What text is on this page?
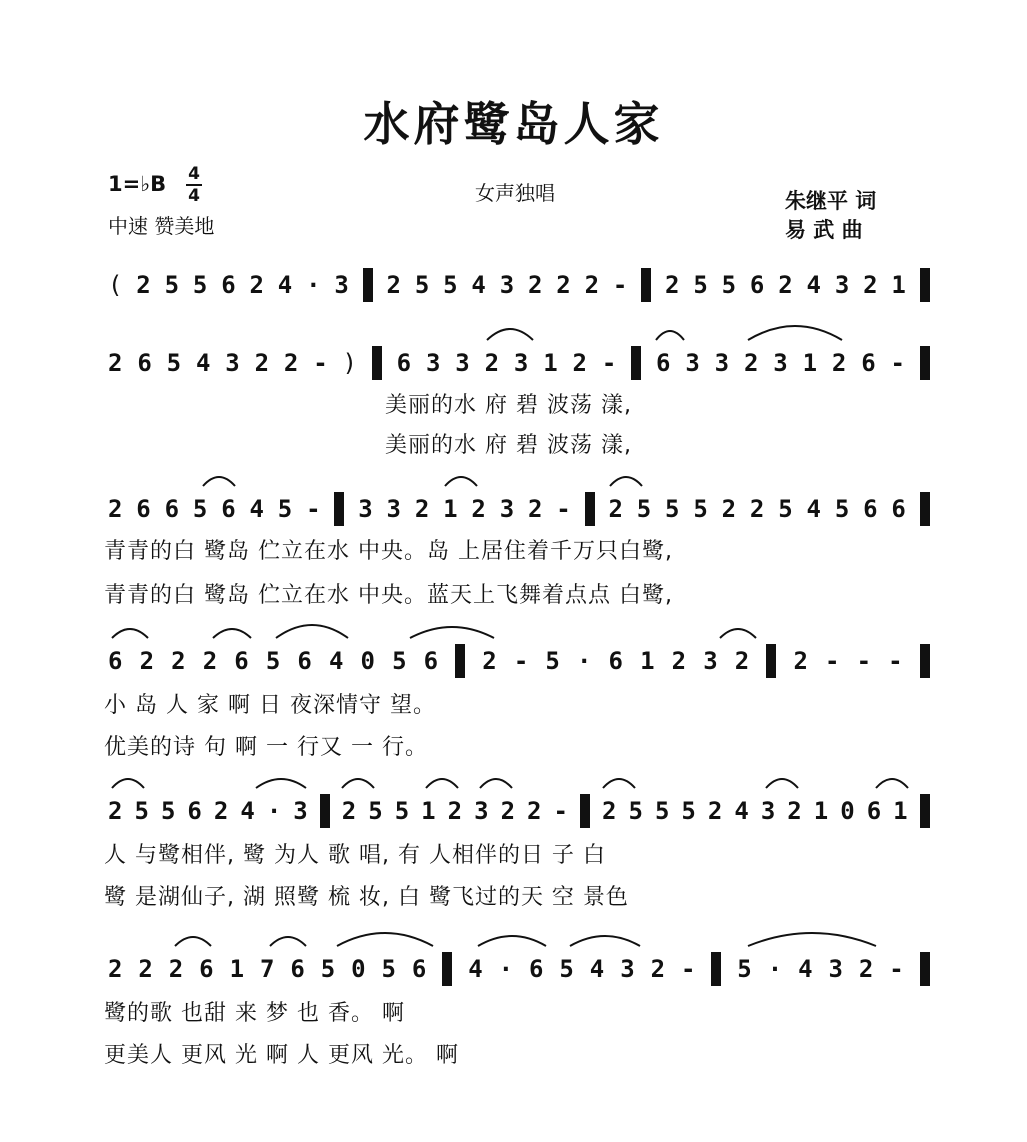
水府鹭岛人家
1=♭B 4
4
中速 赞美地
女声独唱	朱继平 词
易 武 曲
( 2 5 5 6 2 4 · 3 2 5 5 4 3 2 2 2 - 2 5 5 6 2 4 3 2 1
2 6 5 4 3 2 2 - ) 6 3 3 2 3 1 2 - 6 3 3 2 3 1 2 6 -
美丽的水 府 碧 波荡 漾,
美丽的水 府 碧 波荡 漾,
2 6 6 5 6 4 5 - 3 3 2 1 2 3 2 - 2 5 5 5 2 2 5 4 5 6 6
青青的白 鹭岛 伫立在水 中央。岛 上居住着千万只白鹭,
青青的白 鹭岛 伫立在水 中央。蓝天上飞舞着点点 白鹭,
6 2 2 2 6 5 6 4 0 5 6 2 - 5 · 6 1 2 3 2 2 - - -
小 岛 人 家 啊 日 夜深情守 望。
优美的诗 句 啊 一 行又 一 行。
2 5 5 6 2 4 · 3 2 5 5 1 2 3 2 2 - 2 5 5 5 2 4 3 2 1 0 6 1
人 与鹭相伴, 鹭 为人 歌 唱, 有 人相伴的日 子 白
鹭 是湖仙子, 湖 照鹭 梳 妆, 白 鹭飞过的天 空 景色
2 2 2 6 1 7 6 5 0 5 6 4 · 6 5 4 3 2 - 5 · 4 3 2 -
鹭的歌 也甜 来 梦 也 香。 啊
更美人 更风 光 啊 人 更风 光。 啊
